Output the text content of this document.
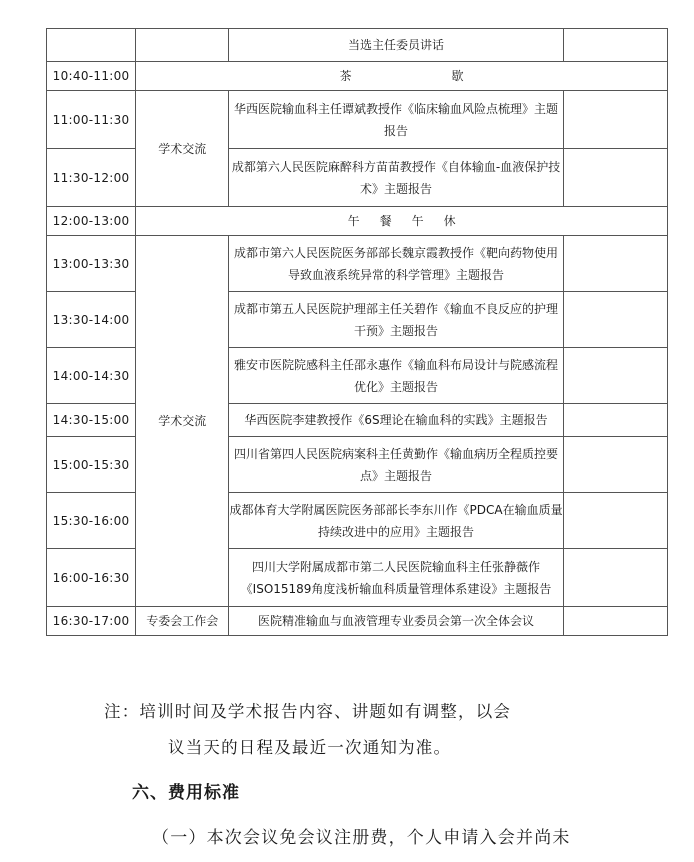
		当选主任委员讲话	
10:40-11:00	茶 歇		
11:00-11:30	学术交流	华西医院输血科主任谭斌教授作《临床输血风险点梳理》主题报告	
11:30-12:00		成都第六人民医院麻醉科方苗苗教授作《自体输血-血液保护技术》主题报告	
12:00-13:00	午餐午休		
13:00-13:30	学术交流	成都市第六人民医院医务部部长魏京霞教授作《靶向药物使用导致血液系统异常的科学管理》主题报告	
13:30-14:00		成都市第五人民医院护理部主任关碧作《输血不良反应的护理干预》主题报告	
14:00-14:30		雅安市医院院感科主任邵永惠作《输血科布局设计与院感流程优化》主题报告	
14:30-15:00		华西医院李建教授作《6S理论在输血科的实践》主题报告	
15:00-15:30		四川省第四人民医院病案科主任黄勤作《输血病历全程质控要点》主题报告	
15:30-16:00		成都体育大学附属医院医务部部长李东川作《PDCA在输血质量持续改进中的应用》主题报告	
16:00-16:30		四川大学附属成都市第二人民医院输血科主任张静薇作《ISO15189角度浅析输血科质量管理体系建设》主题报告	
16:30-17:00	专委会工作会	医院精准输血与血液管理专业委员会第一次全体会议	
注：培训时间及学术报告内容、讲题如有调整，以会
议当天的日程及最近一次通知为准。
六、费用标准
（一）本次会议免会议注册费，个人申请入会并尚未
